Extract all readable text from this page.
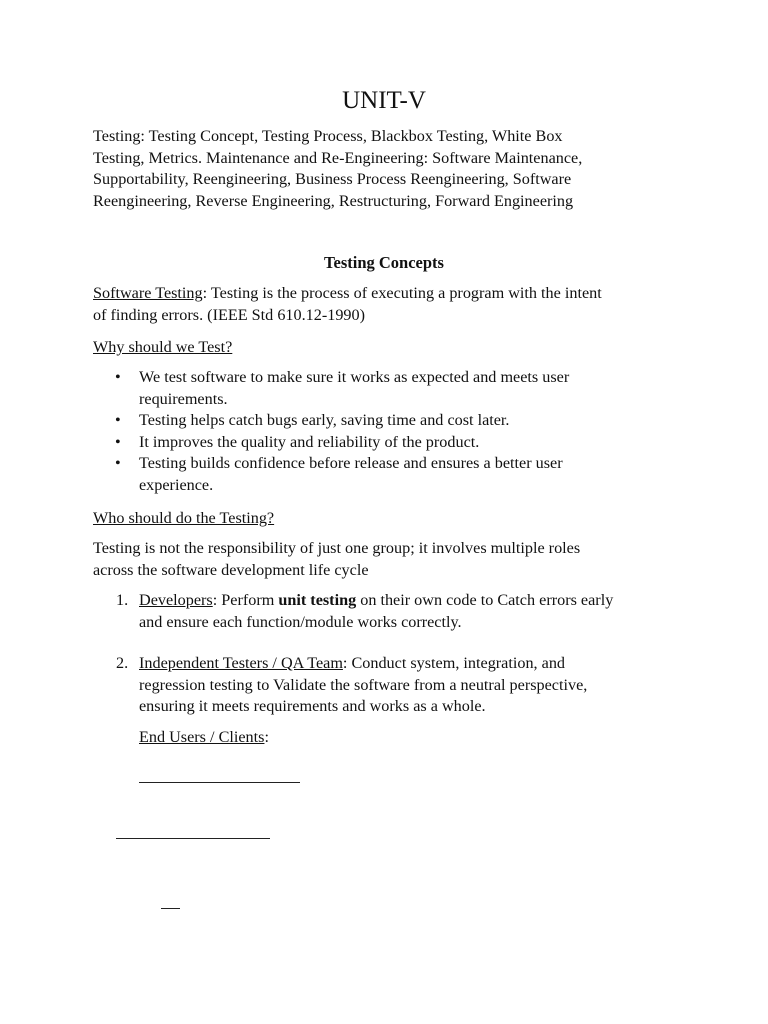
UNIT-V
Testing: Testing Concept, Testing Process, Blackbox Testing, White Box
Testing, Metrics. Maintenance and Re-Engineering: Software Maintenance,
Supportability, Reengineering, Business Process Reengineering, Software
Reengineering, Reverse Engineering, Restructuring, Forward Engineering
Testing Concepts
Software Testing: Testing is the process of executing a program with the intent
of finding errors. (IEEE Std 610.12-1990)
Why should we Test?
• We test software to make sure it works as expected and meets user
requirements.
• Testing helps catch bugs early, saving time and cost later.
• It improves the quality and reliability of the product.
• Testing builds confidence before release and ensures a better user
experience.
Who should do the Testing?
Testing is not the responsibility of just one group; it involves multiple roles
across the software development life cycle
1. Developers: Perform unit testing on their own code to Catch errors early
and ensure each function/module works correctly.
2. Independent Testers / QA Team: Conduct system, integration, and
regression testing to Validate the software from a neutral perspective,
ensuring it meets requirements and works as a whole.
End Users / Clients:
